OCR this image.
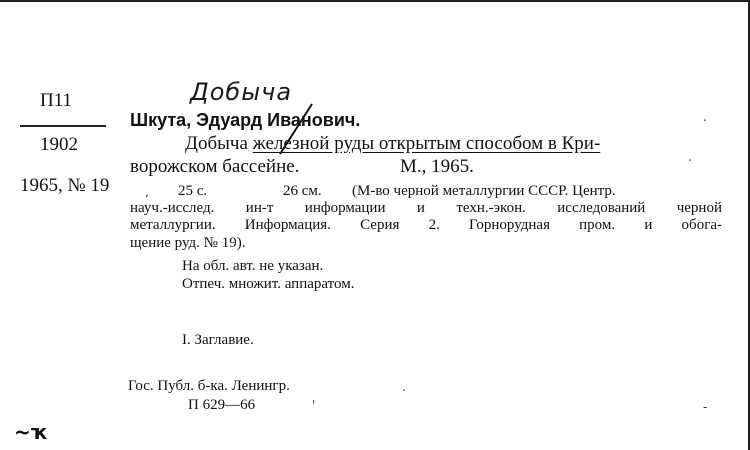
Добыча
П11
1902
1965, № 19
Шкута, Эдуард Иванович.
Добыча железной руды открытым способом в Кри-
ворожском бассейне.	М., 1965.
25 с.	26 см. (М-во черной металлургии СССР. Центр.
науч.-исслед. ин-т информации и техн.-экон. исследований черной
металлургии. Информация. Серия 2. Горнорудная пром. и обога-
щение руд. № 19).
На обл. авт. не указан.
Отпеч. множит. аппаратом.
I. Заглавие.
Гос. Публ. б-ка. Ленингр.
П 629—66
,
.
'
.
.
-
~ҡ
